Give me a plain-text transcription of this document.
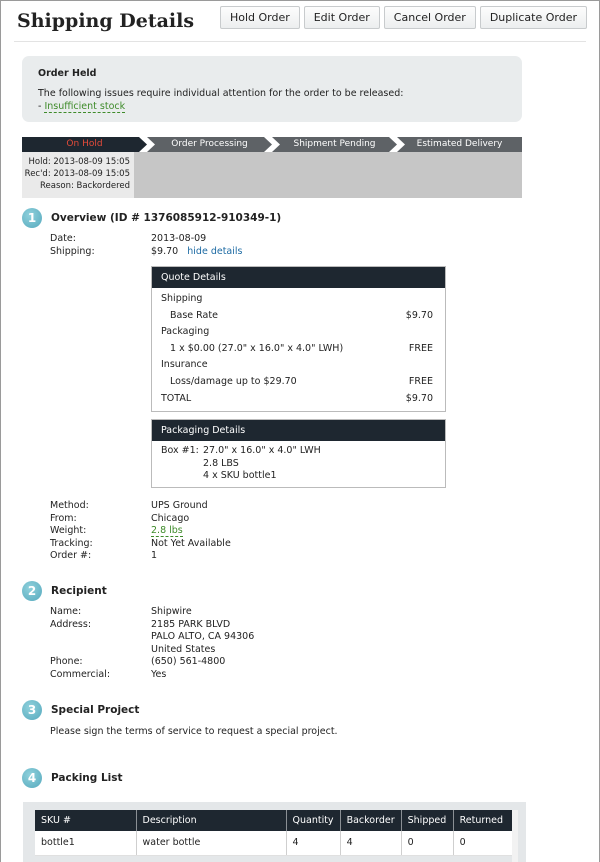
Shipping Details	Hold Order	Edit Order	Cancel Order	Duplicate Order
Order Held
The following issues require individual attention for the order to be released:
- Insufficient stock
On Hold	Order Processing	Shipment Pending	Estimated Delivery
Hold: 2013-08-09 15:05
Rec'd: 2013-08-09 15:05
Reason: Backordered
1	Overview (ID # 1376085912-910349-1)
Date:	2013-08-09
Shipping:	$9.70 hide details
Quote Details
Shipping
Base Rate	$9.70
Packaging
1 x $0.00 (27.0" x 16.0" x 4.0" LWH)	FREE
Insurance
Loss/damage up to $29.70	FREE
TOTAL	$9.70
Packaging Details
Box #1: 27.0" x 16.0" x 4.0" LWH
2.8 LBS
4 x SKU bottle1
Method:	UPS Ground
From:	Chicago
Weight:	2.8 lbs
Tracking:	Not Yet Available
Order #:	1
2	Recipient
Name:	Shipwire
Address:	2185 PARK BLVD
PALO ALTO, CA 94306
United States
Phone:	(650) 561-4800
Commercial:	Yes
3	Special Project
Please sign the terms of service to request a special project.
4	Packing List
SKU #	Description	Quantity	Backorder	Shipped	Returned
bottle1	water bottle	4	4	0	0
